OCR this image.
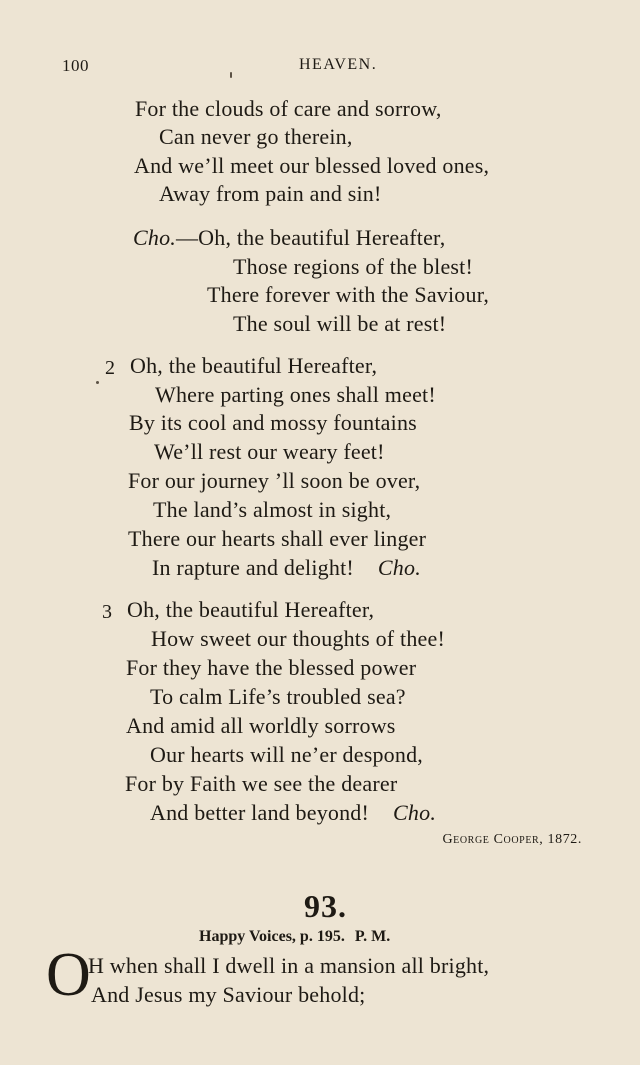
100	HEAVEN.
For the clouds of care and sorrow,
Can never go therein,
And we’ll meet our blessed loved ones,
Away from pain and sin!
Cho.—Oh, the beautiful Hereafter,
Those regions of the blest!
There forever with the Saviour,
The soul will be at rest!
2 Oh, the beautiful Hereafter,
Where parting ones shall meet!
By its cool and mossy fountains
We’ll rest our weary feet!
For our journey ’ll soon be over,
The land’s almost in sight,
There our hearts shall ever linger
In rapture and delight! Cho.
3 Oh, the beautiful Hereafter,
How sweet our thoughts of thee!
For they have the blessed power
To calm Life’s troubled sea?
And amid all worldly sorrows
Our hearts will ne’er despond,
For by Faith we see the dearer
And better land beyond! Cho.
George Cooper, 1872.
93.
Happy Voices, p. 195. P. M.
O
H when shall I dwell in a mansion all bright,
And Jesus my Saviour behold;
